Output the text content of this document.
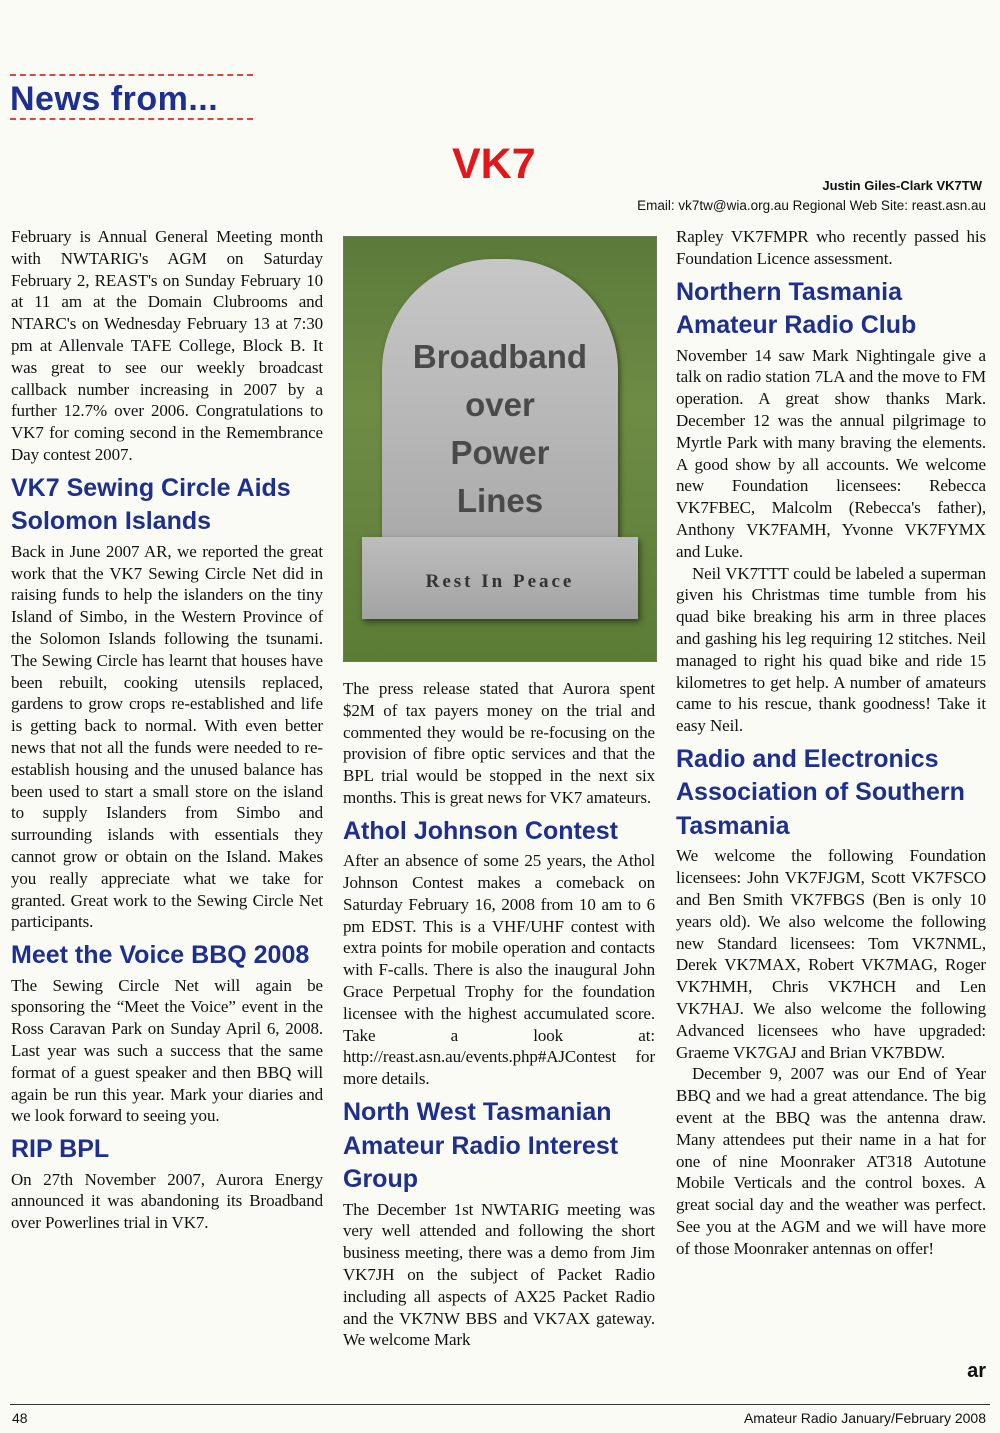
News from...
VK7	Justin Giles-Clark VK7TW
Email: vk7tw@wia.org.au Regional Web Site: reast.asn.au

February is Annual General Meeting month with NWTARIG's AGM on Saturday February 2, REAST's on Sunday February 10 at 11 am at the Domain Clubrooms and NTARC's on Wednesday February 13 at 7:30 pm at Allenvale TAFE College, Block B. It was great to see our weekly broadcast callback number increasing in 2007 by a further 12.7% over 2006. Congratulations to VK7 for coming second in the Remembrance Day contest 2007.

VK7 Sewing Circle Aids Solomon Islands

Back in June 2007 AR, we reported the great work that the VK7 Sewing Circle Net did in raising funds to help the islanders on the tiny Island of Simbo, in the Western Province of the Solomon Islands following the tsunami. The Sewing Circle has learnt that houses have been rebuilt, cooking utensils replaced, gardens to grow crops re-established and life is getting back to normal. With even better news that not all the funds were needed to re-establish housing and the unused balance has been used to start a small store on the island to supply Islanders from Simbo and surrounding islands with essentials they cannot grow or obtain on the Island. Makes you really appreciate what we take for granted. Great work to the Sewing Circle Net participants.

Meet the Voice BBQ 2008

The Sewing Circle Net will again be sponsoring the “Meet the Voice” event in the Ross Caravan Park on Sunday April 6, 2008. Last year was such a success that the same format of a guest speaker and then BBQ will again be run this year. Mark your diaries and we look forward to seeing you.

RIP BPL

On 27th November 2007, Aurora Energy announced it was abandoning its Broadband over Powerlines trial in VK7.

Broadband
over
Power
Lines
Rest In Peace

The press release stated that Aurora spent $2M of tax payers money on the trial and commented they would be re-focusing on the provision of fibre optic services and that the BPL trial would be stopped in the next six months. This is great news for VK7 amateurs.

Athol Johnson Contest

After an absence of some 25 years, the Athol Johnson Contest makes a comeback on Saturday February 16, 2008 from 10 am to 6 pm EDST. This is a VHF/UHF contest with extra points for mobile operation and contacts with F-calls. There is also the inaugural John Grace Perpetual Trophy for the foundation licensee with the highest accumulated score. Take a look at: http://reast.asn.au/events.php#AJContest for more details.

North West Tasmanian Amateur Radio Interest Group

The December 1st NWTARIG meeting was very well attended and following the short business meeting, there was a demo from Jim VK7JH on the subject of Packet Radio including all aspects of AX25 Packet Radio and the VK7NW BBS and VK7AX gateway. We welcome Mark

Rapley VK7FMPR who recently passed his Foundation Licence assessment.

Northern Tasmania Amateur Radio Club

November 14 saw Mark Nightingale give a talk on radio station 7LA and the move to FM operation. A great show thanks Mark. December 12 was the annual pilgrimage to Myrtle Park with many braving the elements. A good show by all accounts. We welcome new Foundation licensees: Rebecca VK7FBEC, Malcolm (Rebecca's father), Anthony VK7FAMH, Yvonne VK7FYMX and Luke.

Neil VK7TTT could be labeled a superman given his Christmas time tumble from his quad bike breaking his arm in three places and gashing his leg requiring 12 stitches. Neil managed to right his quad bike and ride 15 kilometres to get help. A number of amateurs came to his rescue, thank goodness! Take it easy Neil.

Radio and Electronics Association of Southern Tasmania

We welcome the following Foundation licensees: John VK7FJGM, Scott VK7FSCO and Ben Smith VK7FBGS (Ben is only 10 years old). We also welcome the following new Standard licensees: Tom VK7NML, Derek VK7MAX, Robert VK7MAG, Roger VK7HMH, Chris VK7HCH and Len VK7HAJ. We also welcome the following Advanced licensees who have upgraded: Graeme VK7GAJ and Brian VK7BDW.

December 9, 2007 was our End of Year BBQ and we had a great attendance. The big event at the BBQ was the antenna draw. Many attendees put their name in a hat for one of nine Moonraker AT318 Autotune Mobile Verticals and the control boxes. A great social day and the weather was perfect. See you at the AGM and we will have more of those Moonraker antennas on offer!

ar
48	Amateur Radio January/February 2008
